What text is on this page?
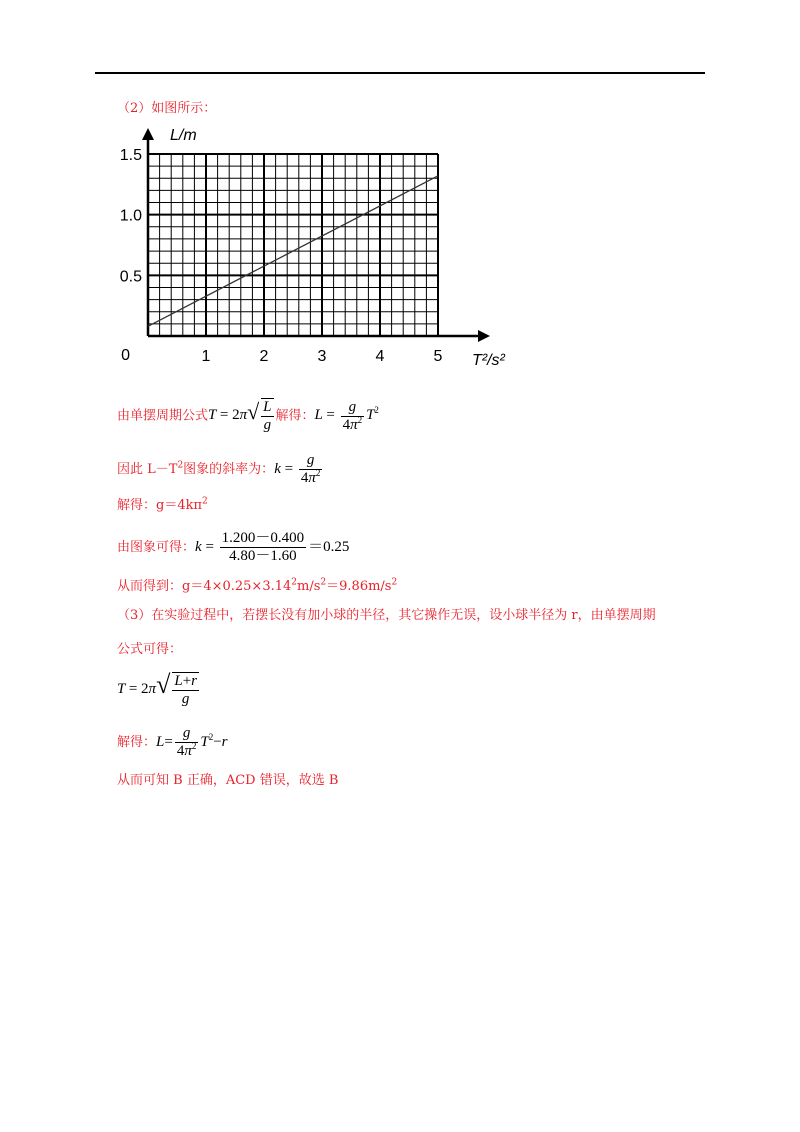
（2）如图所示：
1	2	3	4	5
0
0.5
1.0
1.5
L/m
T²/s²
由单摆周期公式$T = 2\pi√ \frac{L}{g}$ 解得：$L = \frac{g}{4\pi^2} T^2$
因此 $L-T^2$图象的斜率为：$k = \frac{g}{4\pi^2}$
解得：$g=4k\pi^2$
由图象可得：$k = \frac{1.200-0.400}{4.80-1.60} =0.25$
从而得到：$g=4\times 0.25\times 3.14^2m/s^2=9.86m/s^2$
（3）在实验过程中，若摆长没有加小球的半径，其它操作无误，设小球半径为 r，由单摆周期
公式可得：
$T = 2\pi√ \frac{L+r}{g}$
解得：$L= \frac{g}{4\pi^2} T^2-r$
从而可知 B 正确，ACD 错误，故选 B
